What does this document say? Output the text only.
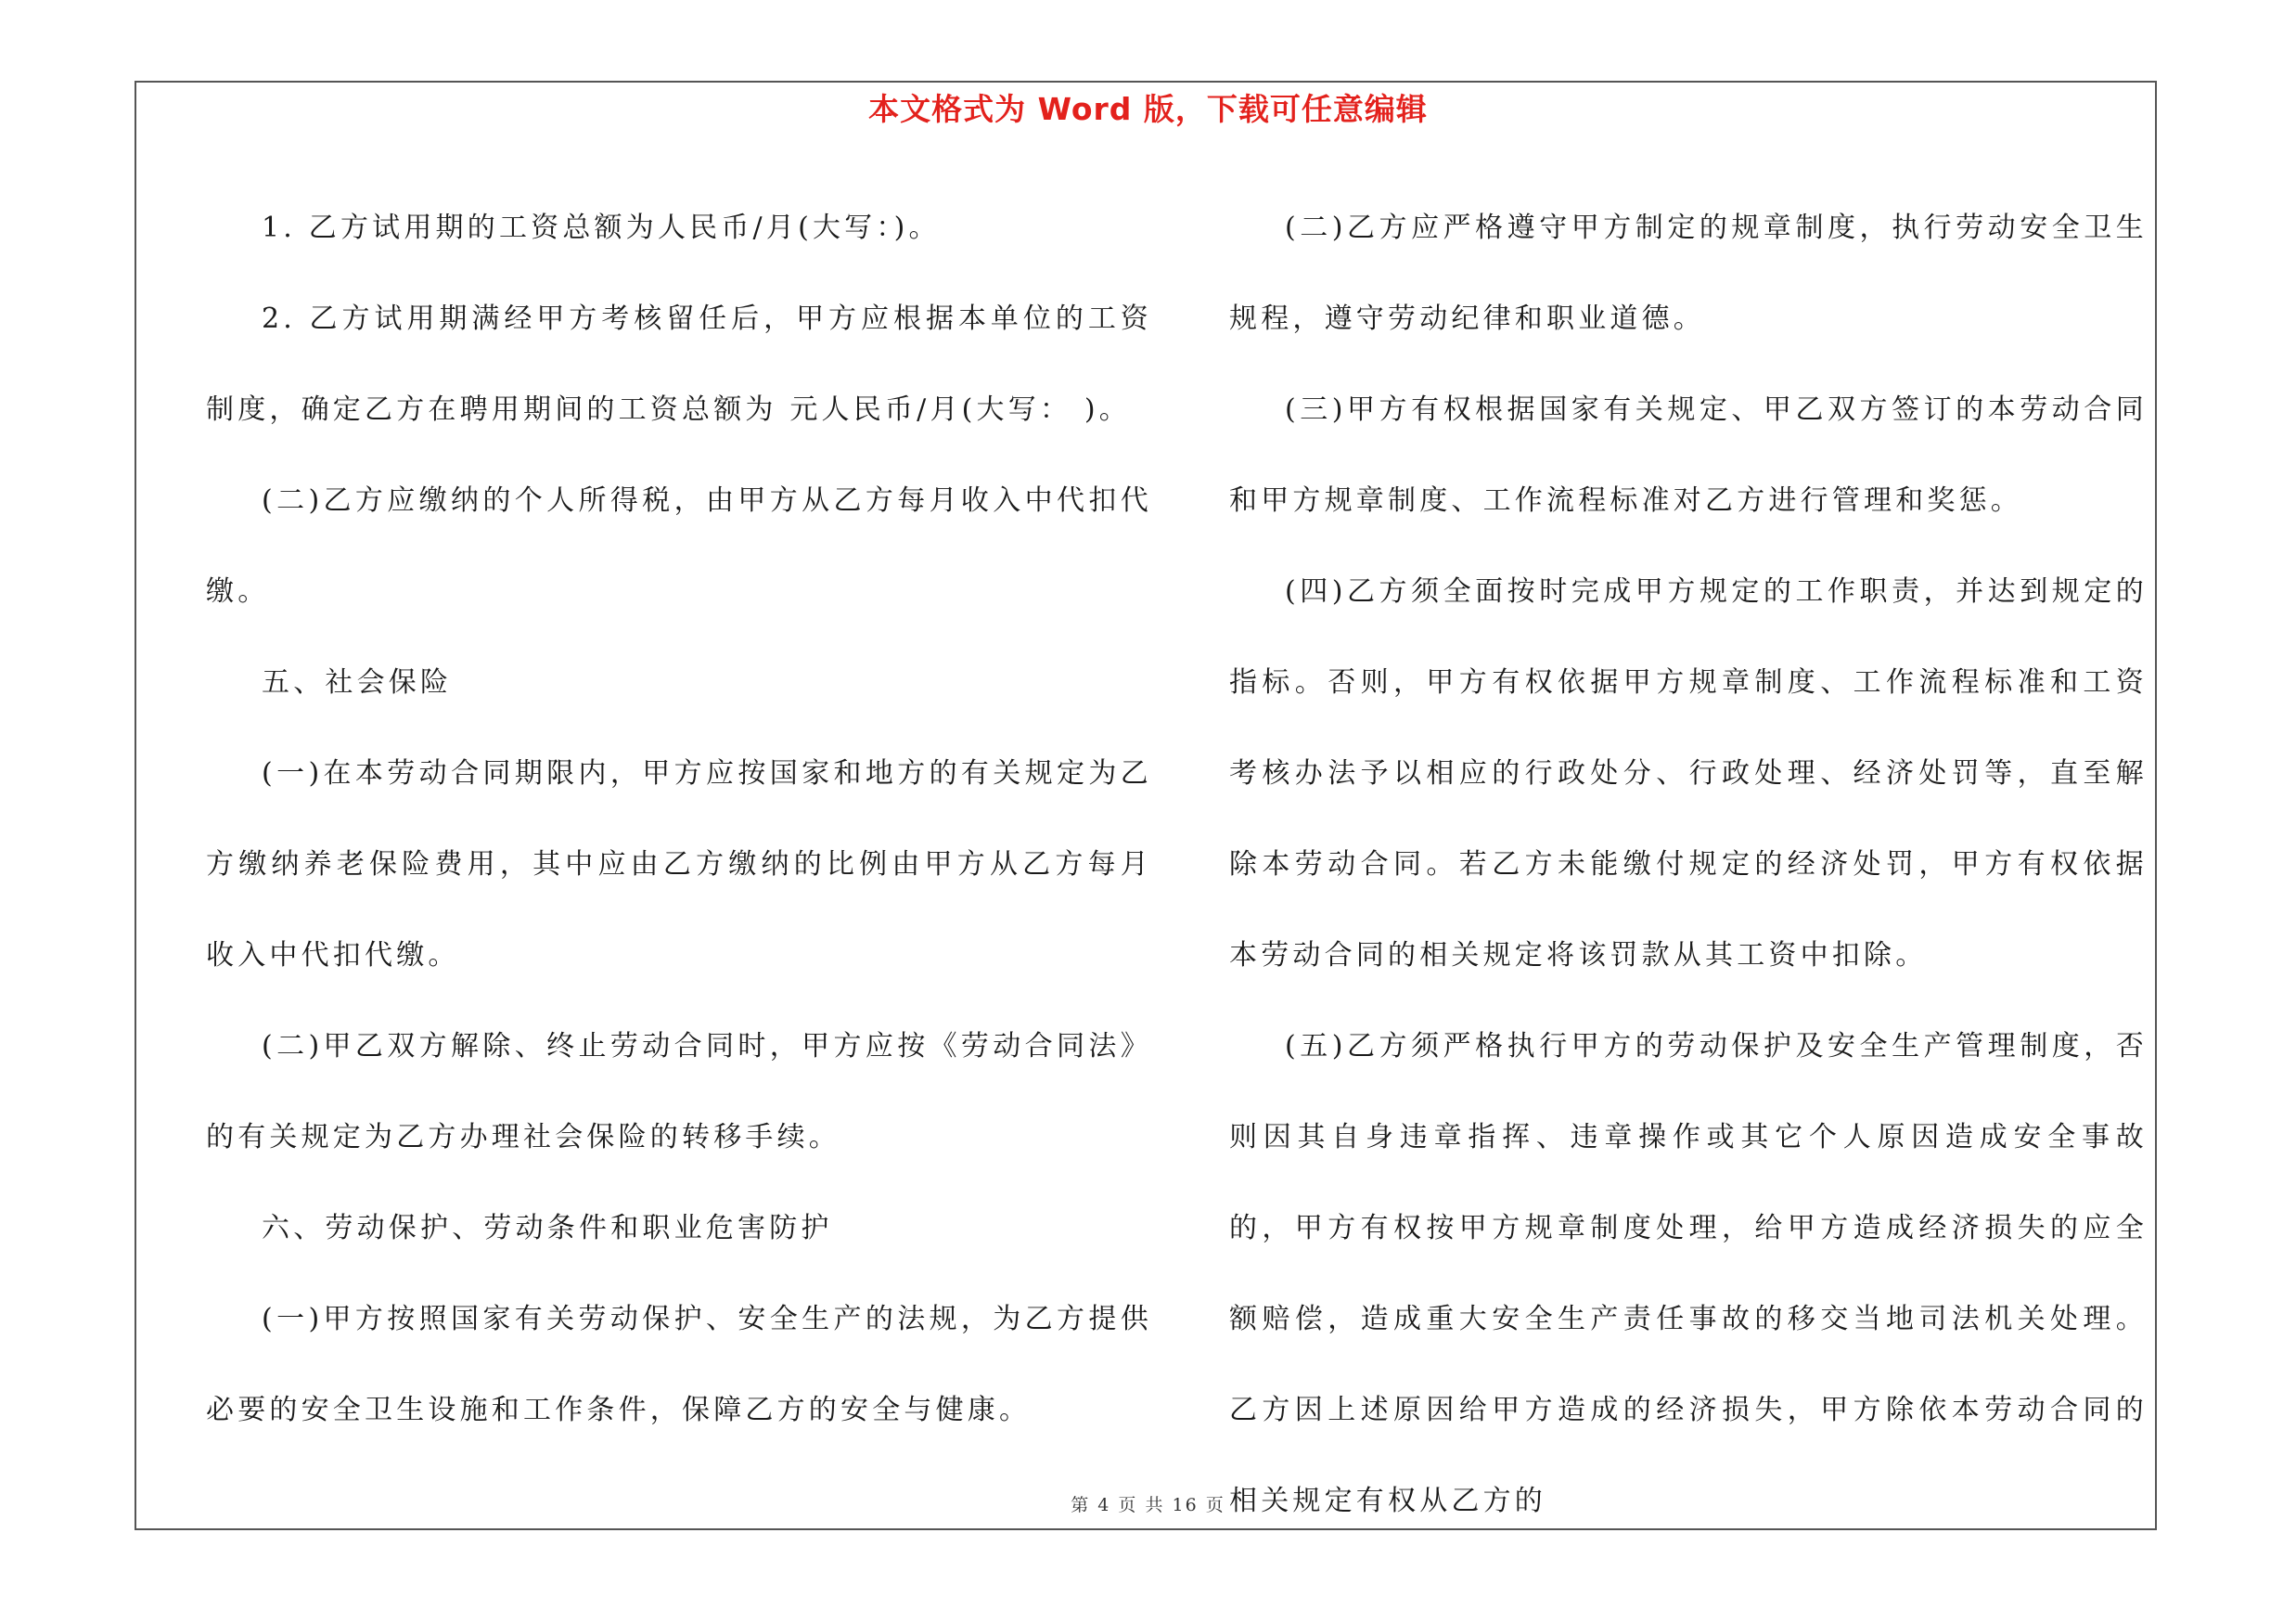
本文格式为 Word 版，下载可任意编辑

1. 乙方试用期的工资总额为人民币/月(大写：)。

2. 乙方试用期满经甲方考核留任后，甲方应根据本单位的工资制度，确定乙方在聘用期间的工资总额为 元人民币/月(大写： )。

(二)乙方应缴纳的个人所得税，由甲方从乙方每月收入中代扣代缴。

五、社会保险

(一)在本劳动合同期限内，甲方应按国家和地方的有关规定为乙方缴纳养老保险费用，其中应由乙方缴纳的比例由甲方从乙方每月收入中代扣代缴。

(二)甲乙双方解除、终止劳动合同时，甲方应按《劳动合同法》的有关规定为乙方办理社会保险的转移手续。

六、劳动保护、劳动条件和职业危害防护

(一)甲方按照国家有关劳动保护、安全生产的法规，为乙方提供必要的安全卫生设施和工作条件，保障乙方的安全与健康。

(二)乙方应严格遵守甲方制定的规章制度，执行劳动安全卫生规程，遵守劳动纪律和职业道德。

(三)甲方有权根据国家有关规定、甲乙双方签订的本劳动合同和甲方规章制度、工作流程标准对乙方进行管理和奖惩。

(四)乙方须全面按时完成甲方规定的工作职责，并达到规定的指标。否则，甲方有权依据甲方规章制度、工作流程标准和工资考核办法予以相应的行政处分、行政处理、经济处罚等，直至解除本劳动合同。若乙方未能缴付规定的经济处罚，甲方有权依据本劳动合同的相关规定将该罚款从其工资中扣除。

(五)乙方须严格执行甲方的劳动保护及安全生产管理制度，否则因其自身违章指挥、违章操作或其它个人原因造成安全事故的，甲方有权按甲方规章制度处理，给甲方造成经济损失的应全额赔偿，造成重大安全生产责任事故的移交当地司法机关处理。乙方因上述原因给甲方造成的经济损失，甲方除依本劳动合同的相关规定有权从乙方的

第 4 页 共 16 页
